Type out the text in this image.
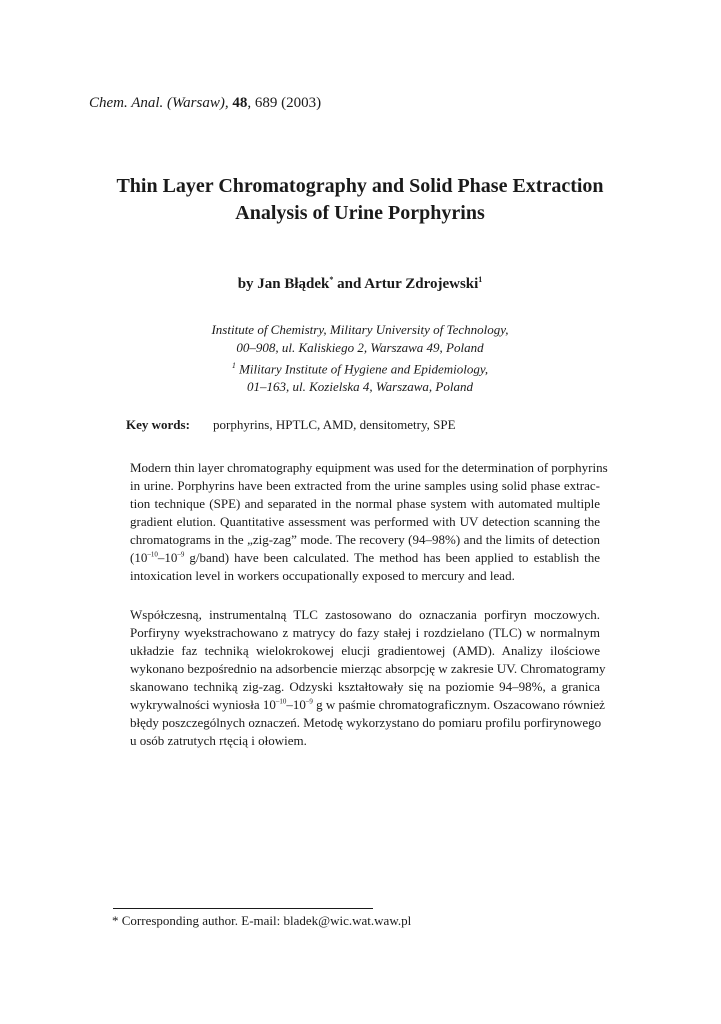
Chem. Anal. (Warsaw), 48, 689 (2003)
Thin Layer Chromatography and Solid Phase Extraction
Analysis of Urine Porphyrins
by Jan Błądek* and Artur Zdrojewski$^1$
Institute of Chemistry, Military University of Technology,
00–908, ul. Kaliskiego 2, Warszawa 49, Poland
$^1$ Military Institute of Hygiene and Epidemiology,
01–163, ul. Kozielska 4, Warszawa, Poland
Key words: porphyrins, HPTLC, AMD, densitometry, SPE
Modern thin layer chromatography equipment was used for the determination of porphyrins
in urine. Porphyrins have been extracted from the urine samples using solid phase extrac-
tion technique (SPE) and separated in the normal phase system with automated multiple
gradient elution. Quantitative assessment was performed with UV detection scanning the
chromatograms in the „zig-zag” mode. The recovery (94–98%) and the limits of detection
($10^{-10}-10^{-9}$ g/band) have been calculated. The method has been applied to establish the
intoxication level in workers occupationally exposed to mercury and lead.
Współczesną, instrumentalną TLC zastosowano do oznaczania porfiryn moczowych.
Porfiryny wyekstrachowano z matrycy do fazy stałej i rozdzielano (TLC) w normalnym
układzie faz techniką wielokrokowej elucji gradientowej (AMD). Analizy ilościowe
wykonano bezpośrednio na adsorbencie mierząc absorpcję w zakresie UV. Chromatogramy
skanowano techniką zig-zag. Odzyski kształtowały się na poziomie 94–98%, a granica
wykrywalności wyniosła $10^{-10}-10^{-9}$ g w paśmie chromatograficznym. Oszacowano również
błędy poszczególnych oznaczeń. Metodę wykorzystano do pomiaru profilu porfirynowego
u osób zatrutych rtęcią i ołowiem.
* Corresponding author. E-mail: bladek@wic.wat.waw.pl
